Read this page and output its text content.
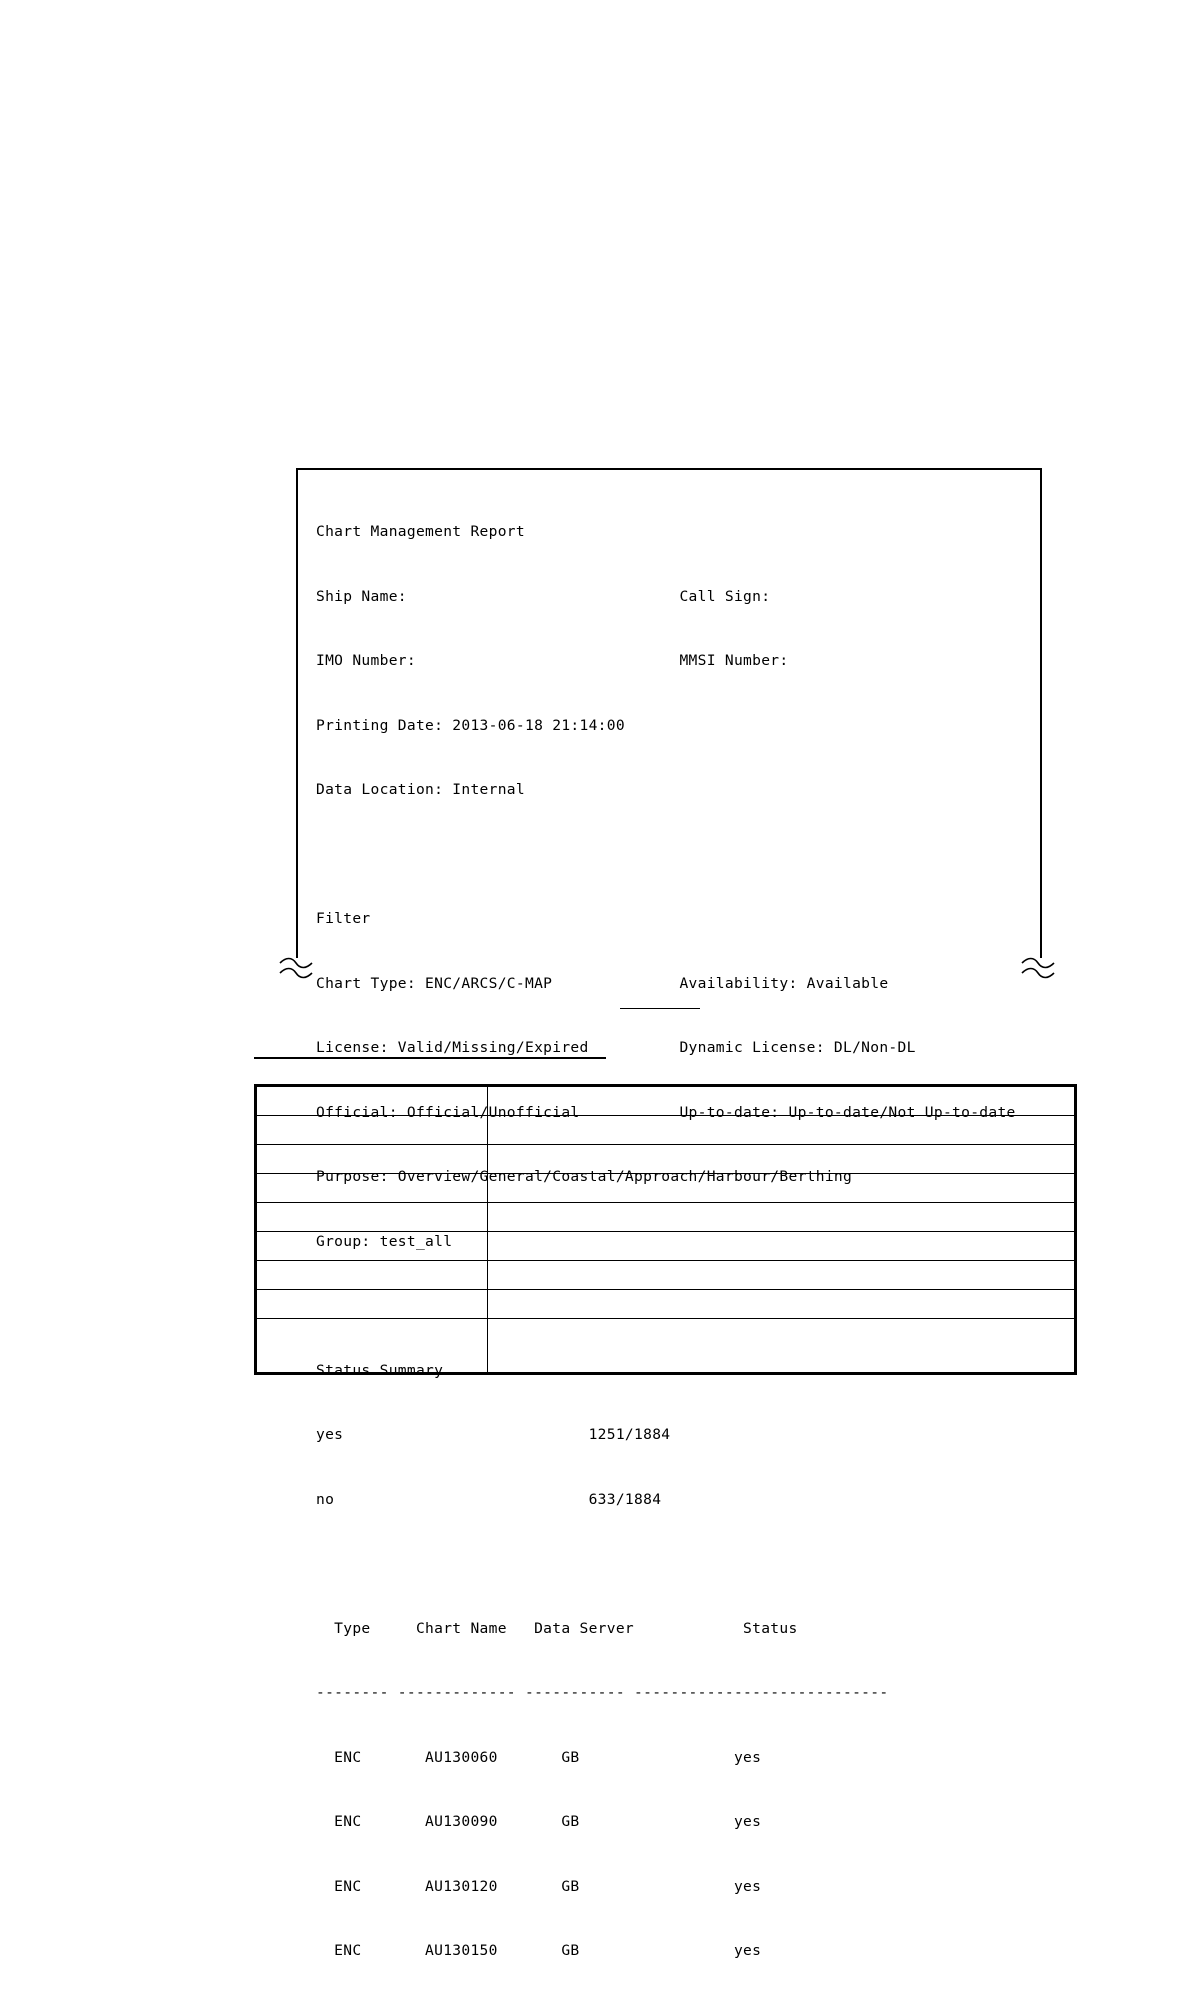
Chart Management Report

Ship Name:                              Call Sign:

IMO Number:                             MMSI Number:

Printing Date: 2013-06-18 21:14:00

Data Location: Internal

Filter

Chart Type: ENC/ARCS/C-MAP              Availability: Available

License: Valid/Missing/Expired          Dynamic License: DL/Non-DL

Official: Official/Unofficial           Up-to-date: Up-to-date/Not Up-to-date

Purpose: Overview/General/Coastal/Approach/Harbour/Berthing

Group: test_all

Status Summary

yes                           1251/1884

no                            633/1884

Type     Chart Name   Data Server            Status

-------- ------------- ----------- ----------------------------

ENC       AU130060       GB                 yes

ENC       AU130090       GB                 yes

ENC       AU130120       GB                 yes

ENC       AU130150       GB                 yes
